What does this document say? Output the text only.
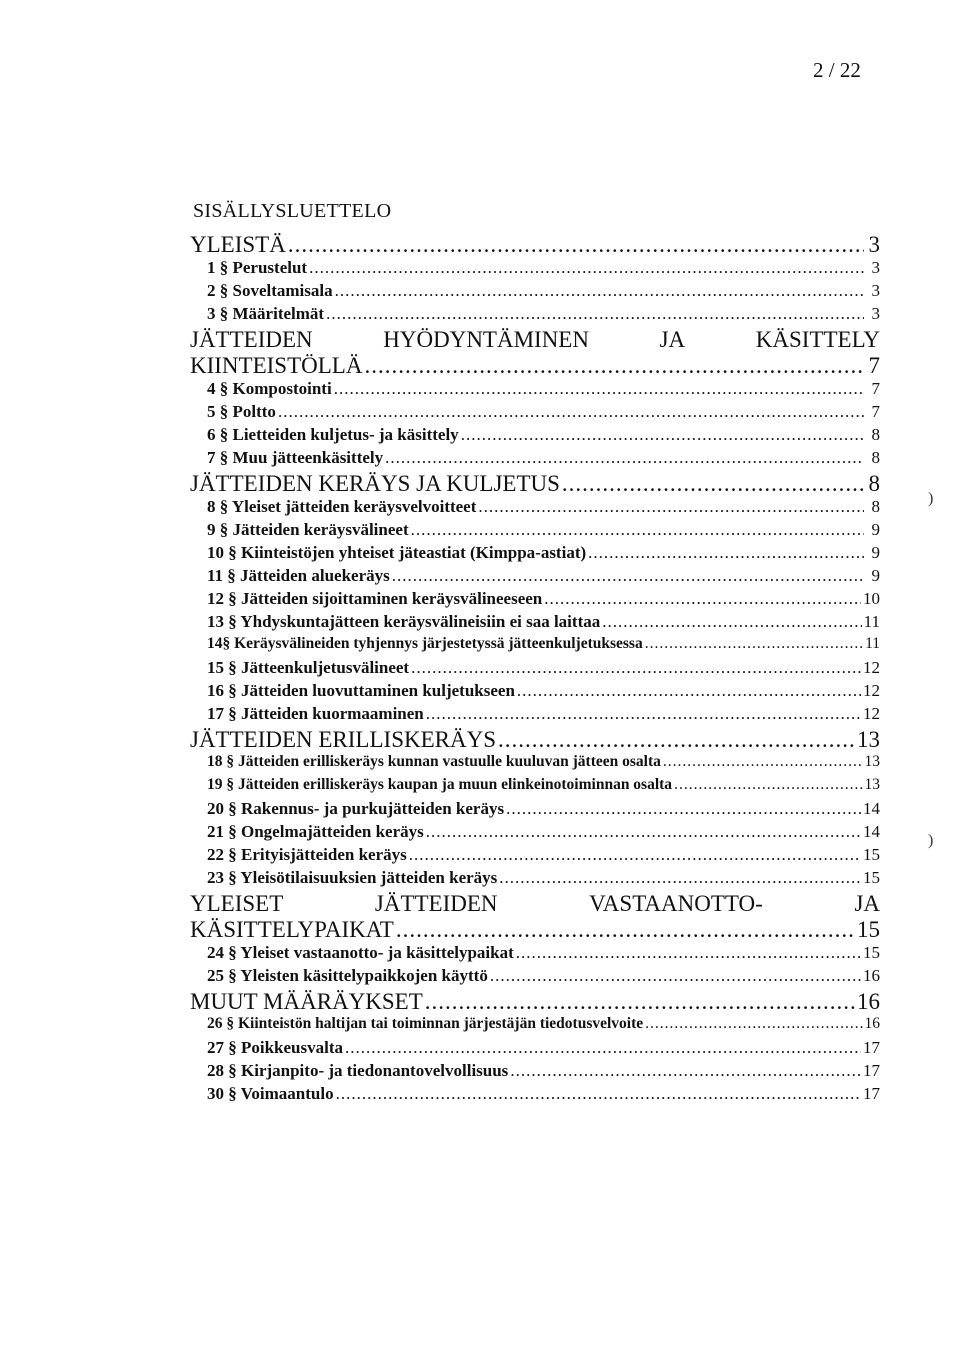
2 / 22
SISÄLLYSLUETTELO
YLEISTÄ .....	3
1 § Perustelut .....	3
2 § Soveltamisala .....	3
3 § Määritelmät .....	3
JÄTTEIDEN	HYÖDYNTÄMINEN	JA	KÄSITTELY
KIINTEISTÖLLÄ .....	7
4 § Kompostointi .....	7
5 § Poltto .....	7
6 § Lietteiden kuljetus- ja käsittely .....	8
7 § Muu jätteenkäsittely .....	8
JÄTTEIDEN KERÄYS JA KULJETUS .....	8
8 § Yleiset jätteiden keräysvelvoitteet .....	8
9 § Jätteiden keräysvälineet .....	9
10 § Kiinteistöjen yhteiset jäteastiat (Kimppa-astiat) .....	9
11 § Jätteiden aluekeräys .....	9
12 § Jätteiden sijoittaminen keräysvälineeseen .....	10
13 § Yhdyskuntajätteen keräysvälineisiin ei saa laittaa .....	11
14§ Keräysvälineiden tyhjennys järjestetyssä jätteenkuljetuksessa .....	11
15 § Jätteenkuljetusvälineet .....	12
16 § Jätteiden luovuttaminen kuljetukseen .....	12
17 § Jätteiden kuormaaminen .....	12
JÄTTEIDEN ERILLISKERÄYS .....	13
18 § Jätteiden erilliskeräys kunnan vastuulle kuuluvan jätteen osalta .....	13
19 § Jätteiden erilliskeräys kaupan ja muun elinkeinotoiminnan osalta .....	13
20 § Rakennus- ja purkujätteiden keräys .....	14
21 § Ongelmajätteiden keräys .....	14
22 § Erityisjätteiden keräys .....	15
23 § Yleisötilaisuuksien jätteiden keräys .....	15
YLEISET	JÄTTEIDEN	VASTAANOTTO-	JA
KÄSITTELYPAIKAT .....	15
24 § Yleiset vastaanotto- ja käsittelypaikat .....	15
25 § Yleisten käsittelypaikkojen käyttö .....	16
MUUT MÄÄRÄYKSET .....	16
26 § Kiinteistön haltijan tai toiminnan järjestäjän tiedotusvelvoite .....	16
27 § Poikkeusvalta .....	17
28 § Kirjanpito- ja tiedonantovelvollisuus .....	17
30 § Voimaantulo .....	17
)
)
